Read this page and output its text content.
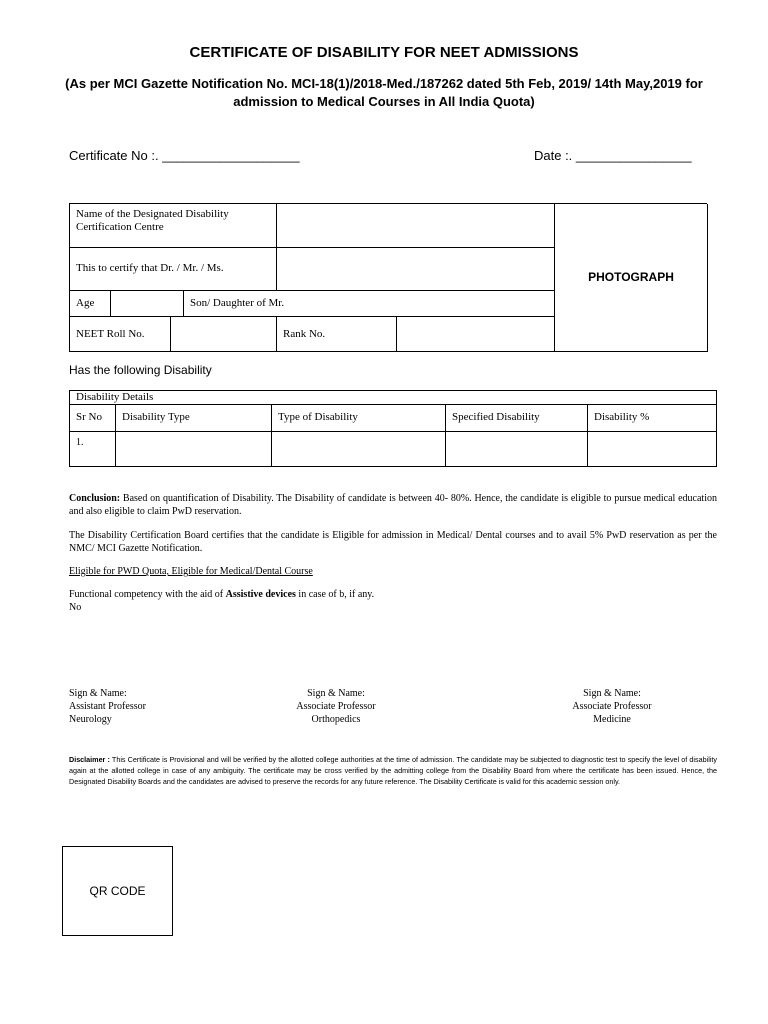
CERTIFICATE OF DISABILITY FOR NEET ADMISSIONS
(As per MCI Gazette Notification No. MCI-18(1)/2018-Med./187262 dated 5th Feb, 2019/ 14th May,2019 for admission to Medical Courses in All India Quota)
Certificate No :. ___________________	Date :. ________________
Name of the Designated Disability Certification Centre
This to certify that Dr. / Mr. / Ms.
Age	Son/ Daughter of Mr.
NEET Roll No.	Rank No.
PHOTOGRAPH
Has the following Disability
Disability Details
Sr No	Disability Type	Type of Disability	Specified Disability	Disability %
1.
Conclusion: Based on quantification of Disability. The Disability of candidate is between 40- 80%. Hence, the candidate is eligible to pursue medical education and also eligible to claim PwD reservation.
The Disability Certification Board certifies that the candidate is Eligible for admission in Medical/ Dental courses and to avail 5% PwD reservation as per the NMC/ MCI Gazette Notification.
Eligible for PWD Quota, Eligible for Medical/Dental Course
Functional competency with the aid of Assistive devices in case of b, if any.
No
Sign & Name:
Assistant Professor
Neurology
Sign & Name:
Associate Professor
Orthopedics
Sign & Name:
Associate Professor
Medicine
Disclaimer : This Certificate is Provisional and will be verified by the allotted college authorities at the time of admission. The candidate may be subjected to diagnostic test to specify the level of disability again at the allotted college in case of any ambiguity. The certificate may be cross verified by the admitting college from the Disability Board from where the certificate has been issued. Hence, the Designated Disability Boards and the candidates are advised to preserve the records for any future reference. The Disability Certificate is valid for this academic session only.
QR CODE
